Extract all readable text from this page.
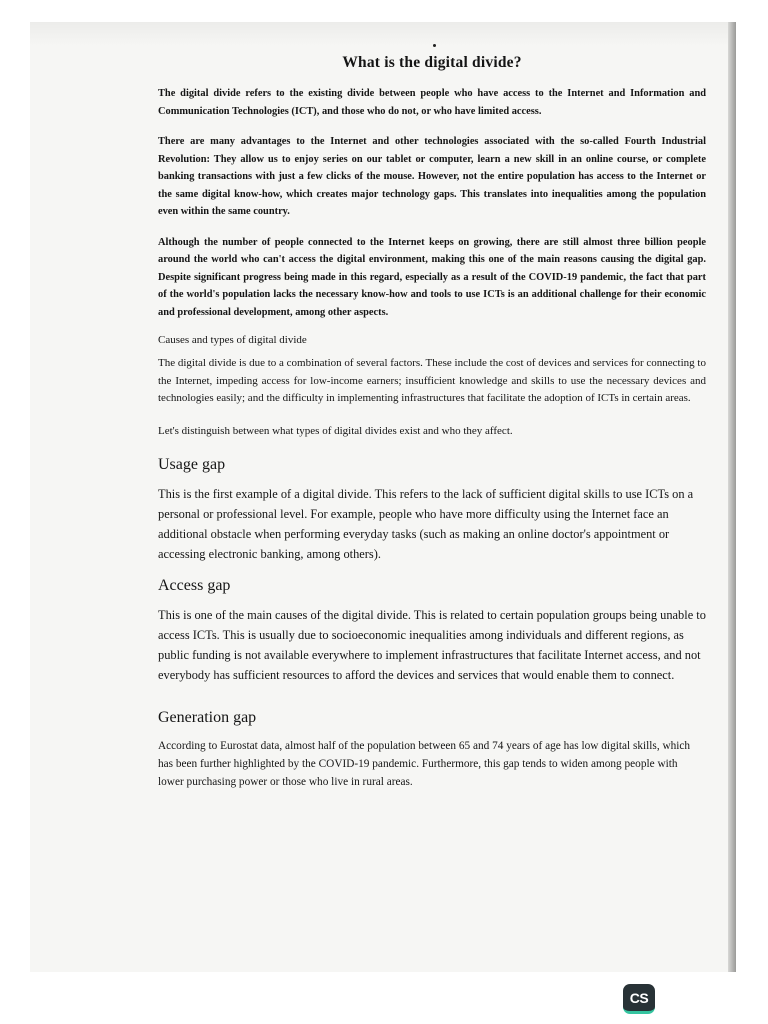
What is the digital divide?

The digital divide refers to the existing divide between people who have access to the Internet and Information and Communication Technologies (ICT), and those who do not, or who have limited access.

There are many advantages to the Internet and other technologies associated with the so-called Fourth Industrial Revolution: They allow us to enjoy series on our tablet or computer, learn a new skill in an online course, or complete banking transactions with just a few clicks of the mouse. However, not the entire population has access to the Internet or the same digital know-how, which creates major technology gaps. This translates into inequalities among the population even within the same country.

Although the number of people connected to the Internet keeps on growing, there are still almost three billion people around the world who can't access the digital environment, making this one of the main reasons causing the digital gap. Despite significant progress being made in this regard, especially as a result of the COVID-19 pandemic, the fact that part of the world's population lacks the necessary know-how and tools to use ICTs is an additional challenge for their economic and professional development, among other aspects.

Causes and types of digital divide

The digital divide is due to a combination of several factors. These include the cost of devices and services for connecting to the Internet, impeding access for low-income earners; insufficient knowledge and skills to use the necessary devices and technologies easily; and the difficulty in implementing infrastructures that facilitate the adoption of ICTs in certain areas.

Let's distinguish between what types of digital divides exist and who they affect.

Usage gap

This is the first example of a digital divide. This refers to the lack of sufficient digital skills to use ICTs on a personal or professional level. For example, people who have more difficulty using the Internet face an additional obstacle when performing everyday tasks (such as making an online doctor's appointment or accessing electronic banking, among others).

Access gap

This is one of the main causes of the digital divide. This is related to certain population groups being unable to access ICTs. This is usually due to socioeconomic inequalities among individuals and different regions, as public funding is not available everywhere to implement infrastructures that facilitate Internet access, and not everybody has sufficient resources to afford the devices and services that would enable them to connect.

Generation gap

According to Eurostat data, almost half of the population between 65 and 74 years of age has low digital skills, which has been further highlighted by the COVID-19 pandemic. Furthermore, this gap tends to widen among people with lower purchasing power or those who live in rural areas.

CS
